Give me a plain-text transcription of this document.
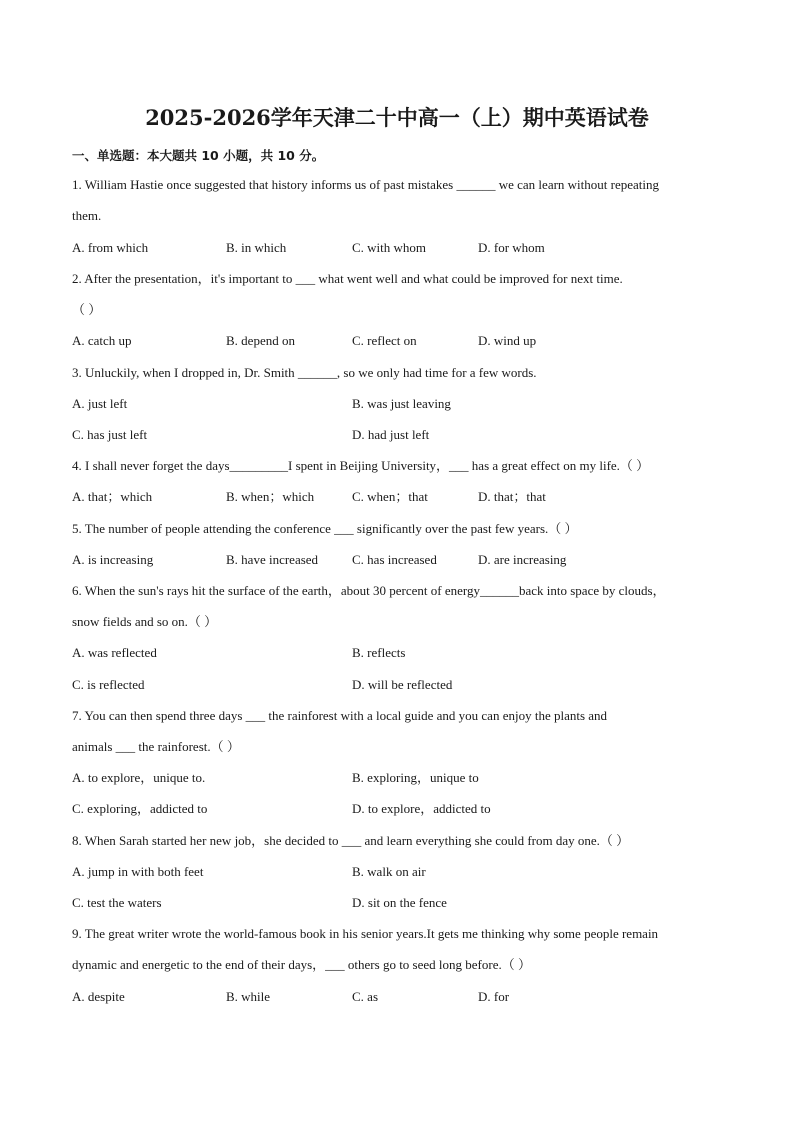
2025-2026学年天津二十中高一（上）期中英语试卷
一、单选题：本大题共 10 小题，共 10 分。
1. William Hastie once suggested that history informs us of past mistakes ______ we can learn without repeating
them.
A. from which	B. in which	C. with whom	D. for whom
2. After the presentation，it's important to ___ what went well and what could be improved for next time.
（ ）
A. catch up	B. depend on	C. reflect on	D. wind up
3. Unluckily, when I dropped in, Dr. Smith ______, so we only had time for a few words.
A. just left	B. was just leaving
C. has just left	D. had just left
4. I shall never forget the days_________I spent in Beijing University，___ has a great effect on my life.（ ）
A. that；which	B. when；which	C. when；that	D. that；that
5. The number of people attending the conference ___ significantly over the past few years.（ ）
A. is increasing	B. have increased	C. has increased	D. are increasing
6. When the sun's rays hit the surface of the earth，about 30 percent of energy______back into space by clouds，
snow fields and so on.（ ）
A. was reflected	B. reflects
C. is reflected	D. will be reflected
7. You can then spend three days ___ the rainforest with a local guide and you can enjoy the plants and
animals ___ the rainforest.（ ）
A. to explore，unique to.	B. exploring，unique to
C. exploring，addicted to	D. to explore，addicted to
8. When Sarah started her new job，she decided to ___ and learn everything she could from day one.（ ）
A. jump in with both feet	B. walk on air
C. test the waters	D. sit on the fence
9. The great writer wrote the world-famous book in his senior years.It gets me thinking why some people remain
dynamic and energetic to the end of their days，___ others go to seed long before.（ ）
A. despite	B. while	C. as	D. for
